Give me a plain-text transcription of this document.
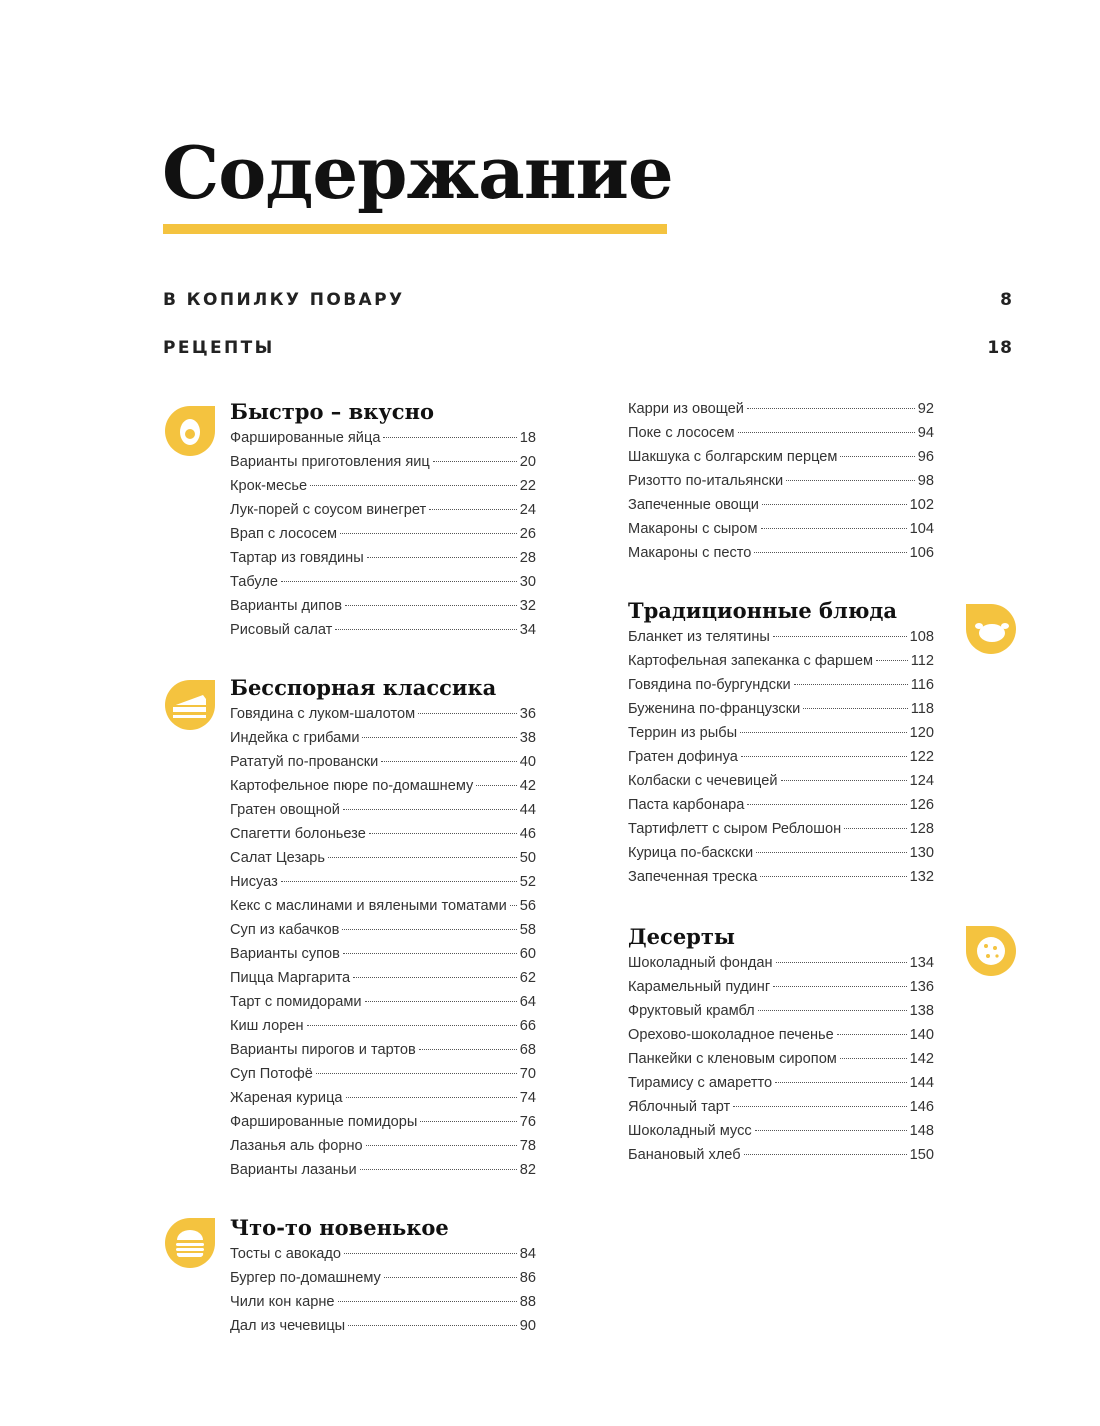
Содержание
В КОПИЛКУ ПОВАРУ	8
РЕЦЕПТЫ	18
Быстро – вкусно
Фаршированные яйца	18
Варианты приготовления яиц	20
Крок-месье	22
Лук-порей с соусом винегрет	24
Врап с лососем	26
Тартар из говядины	28
Табуле	30
Варианты дипов	32
Рисовый салат	34
Бесспорная классика
Говядина с луком-шалотом	36
Индейка с грибами	38
Рататуй по-провански	40
Картофельное пюре по-домашнему	42
Гратен овощной	44
Спагетти болоньезе	46
Салат Цезарь	50
Нисуаз	52
Кекс с маслинами и вялеными томатами 56
Суп из кабачков	58
Варианты супов	60
Пицца Маргарита	62
Тарт с помидорами	64
Киш лорен	66
Варианты пирогов и тартов	68
Суп Потофё	70
Жареная курица	74
Фаршированные помидоры	76
Лазанья аль форно	78
Варианты лазаньи	82
Что-то новенькое
Тосты с авокадо	84
Бургер по-домашнему	86
Чили кон карне	88
Дал из чечевицы	90
Карри из овощей	92
Поке с лососем	94
Шакшука с болгарским перцем	96
Ризотто по-итальянски	98
Запеченные овощи	102
Макароны с сыром	104
Макароны с песто	106
Традиционные блюда
Бланкет из телятины	108
Картофельная запеканка с фаршем	112
Говядина по-бургундски	116
Буженина по-французски	118
Террин из рыбы	120
Гратен дофинуа	122
Колбаски с чечевицей	124
Паста карбонара	126
Тартифлетт с сыром Реблошон	128
Курица по-баскски	130
Запеченная треска	132
Десерты
Шоколадный фондан	134
Карамельный пудинг	136
Фруктовый крамбл	138
Орехово-шоколадное печенье	140
Панкейки с кленовым сиропом	142
Тирамису с амаретто	144
Яблочный тарт	146
Шоколадный мусс	148
Банановый хлеб	150
